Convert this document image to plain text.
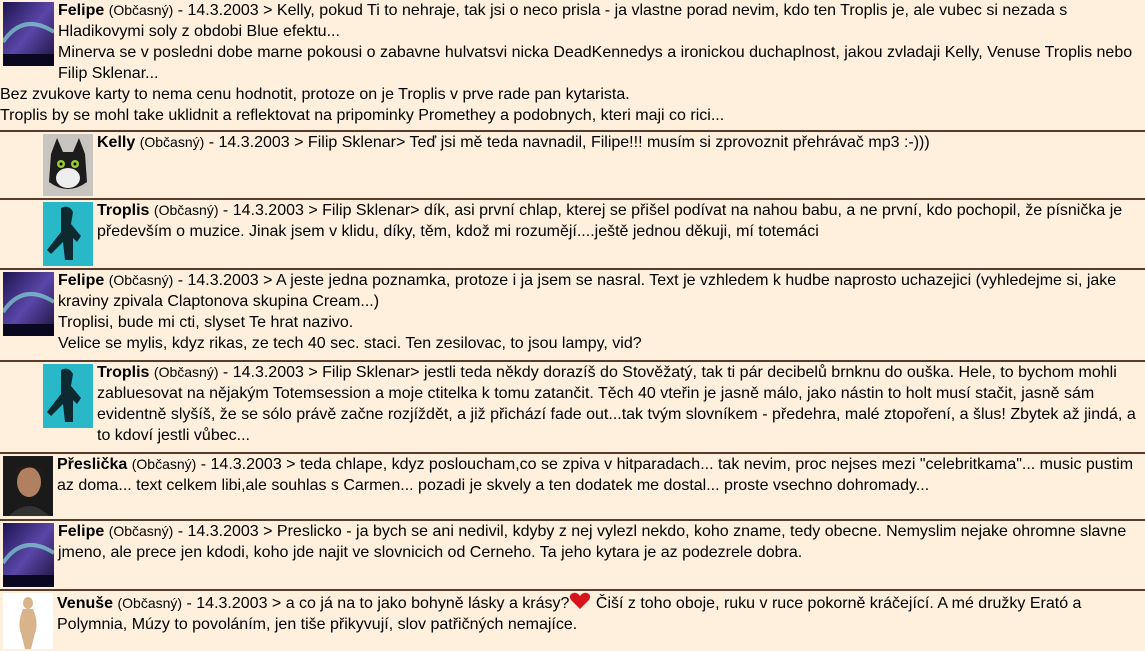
Felipe (Občasný) - 14.3.2003 > Kelly, pokud Ti to nehraje, tak jsi o neco prisla - ja vlastne porad nevim, kdo ten Troplis je, ale vubec si nezada s Hladikovymi soly z obdobi Blue efektu...

Minerva se v posledni dobe marne pokousi o zabavne hulvatsvi nicka DeadKennedys a ironickou duchaplnost, jakou zvladaji Kelly, Venuse Troplis nebo Filip Sklenar...

Bez zvukove karty to nema cenu hodnotit, protoze on je Troplis v prve rade pan kytarista.

Troplis by se mohl take uklidnit a reflektovat na pripominky Promethey a podobnych, kteri maji co rici...

Kelly (Občasný) - 14.3.2003 > Filip Sklenar> Teď jsi mě teda navnadil, Filipe!!! musím si zprovoznit přehrávač mp3 :-)))
Troplis (Občasný) - 14.3.2003 > Filip Sklenar> dík, asi první chlap, kterej se přišel podívat na nahou babu, a ne první, kdo pochopil, že písnička je především o muzice. Jinak jsem v klidu, díky, těm, kdož mi rozumějí....ještě jednou děkuji, mí totemáci
Felipe (Občasný) - 14.3.2003 > A jeste jedna poznamka, protoze i ja jsem se nasral. Text je vzhledem k hudbe naprosto uchazejici (vyhledejme si, jake kraviny zpivala Claptonova skupina Cream...)

Troplisi, bude mi cti, slyset Te hrat nazivo.

Velice se mylis, kdyz rikas, ze tech 40 sec. staci. Ten zesilovac, to jsou lampy, vid?

Troplis (Občasný) - 14.3.2003 > Filip Sklenar> jestli teda někdy dorazíš do Stověžatý, tak ti pár decibelů brnknu do ouška. Hele, to bychom mohli zabluesovat na nějakým Totemsession a moje ctitelka k tomu zatančit. Těch 40 vteřin je jasně málo, jako nástin to holt musí stačit, jasně sám evidentně slyšíš, že se sólo právě začne rozjíždět, a již přichází fade out...tak tvým slovníkem - předehra, malé ztopoření, a šlus! Zbytek až jindá, a to kdoví jestli vůbec...
Přeslička (Občasný) - 14.3.2003 > teda chlape, kdyz posloucham,co se zpiva v hitparadach... tak nevim, proc nejses mezi "celebritkama"... music pustim az doma... text celkem libi,ale souhlas s Carmen... pozadi je skvely a ten dodatek me dostal... proste vsechno dohromady...
Felipe (Občasný) - 14.3.2003 > Preslicko - ja bych se ani nedivil, kdyby z nej vylezl nekdo, koho zname, tedy obecne. Nemyslim nejake ohromne slavne jmeno, ale prece jen kdodi, koho jde najit ve slovnicich od Cerneho. Ta jeho kytara je az podezrele dobra.
Venuše (Občasný) - 14.3.2003 > a co já na to jako bohyně lásky a krásy? Čiší z toho oboje, ruku v ruce pokorně kráčející. A mé družky Erató a Polymnia, Múzy to povoláním, jen tiše přikyvují, slov patřičných nemajíce.
